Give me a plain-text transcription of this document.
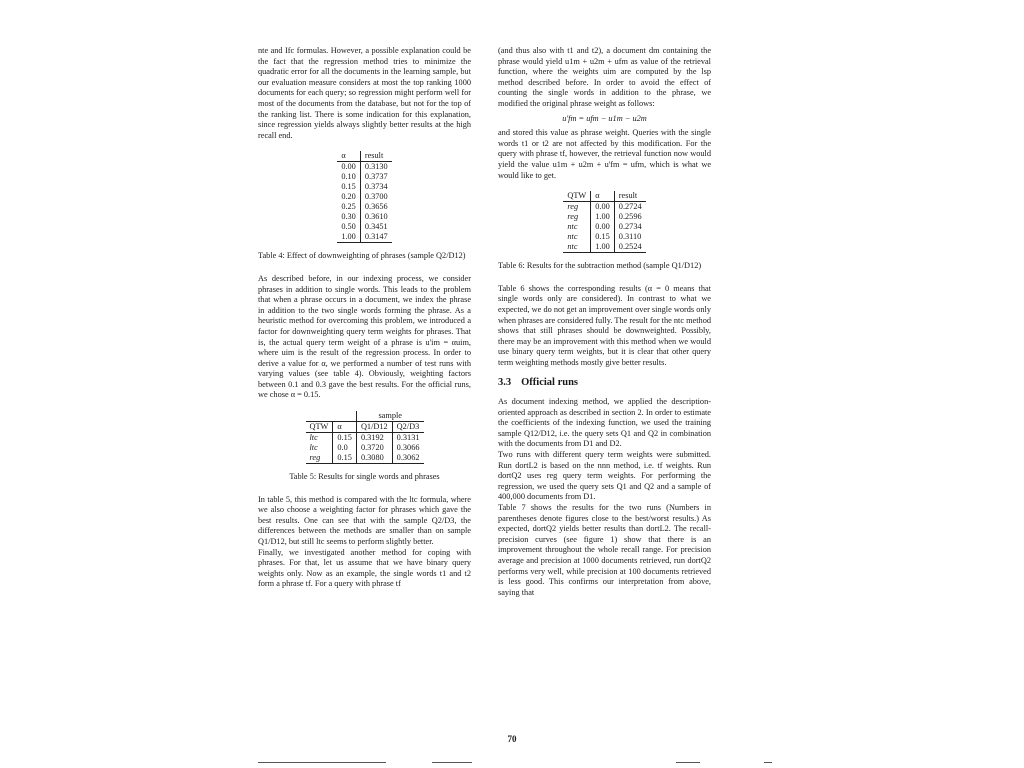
nte and Ifc formulas. However, a possible explanation could be the fact that the regression method tries to minimize the quadratic error for all the documents in the learning sample, but our evaluation measure considers at most the top ranking 1000 documents for each query; so regression might perform well for most of the documents from the database, but not for the top of the ranking list. There is some indication for this explanation, since regression yields always slightly better results at the high recall end.

α	result
0.00	0.3130
0.10	0.3737
0.15	0.3734
0.20	0.3700
0.25	0.3656
0.30	0.3610
0.50	0.3451
1.00	0.3147

Table 4: Effect of downweighting of phrases (sample Q2/D12)

As described before, in our indexing process, we consider phrases in addition to single words. This leads to the problem that when a phrase occurs in a document, we index the phrase in addition to the two single words forming the phrase. As a heuristic method for overcoming this problem, we introduced a factor for downweighting query term weights for phrases. That is, the actual query term weight of a phrase is u'im = αuim, where uim is the result of the regression process. In order to derive a value for α, we performed a number of test runs with varying values (see table 4). Obviously, weighting factors between 0.1 and 0.3 gave the best results. For the official runs, we chose α = 0.15.

		sample	
QTW	α	Q1/D12	Q2/D3
ltc	0.15	0.3192	0.3131
ltc	0.0	0.3720	0.3066
reg	0.15	0.3080	0.3062

Table 5: Results for single words and phrases

In table 5, this method is compared with the ltc formula, where we also choose a weighting factor for phrases which gave the best results. One can see that with the sample Q2/D3, the differences between the methods are smaller than on sample Q1/D12, but still ltc seems to perform slightly better.

Finally, we investigated another method for coping with phrases. For that, let us assume that we have binary query weights only. Now as an example, the single words t1 and t2 form a phrase tf. For a query with phrase tf

(and thus also with t1 and t2), a document dm containing the phrase would yield u1m + u2m + ufm as value of the retrieval function, where the weights uim are computed by the lsp method described before. In order to avoid the effect of counting the single words in addition to the phrase, we modified the original phrase weight as follows:

u'fm = ufm − u1m − u2m

and stored this value as phrase weight. Queries with the single words t1 or t2 are not affected by this modification. For the query with phrase tf, however, the retrieval function now would yield the value u1m + u2m + u'fm = ufm, which is what we would like to get.

QTW	α	result
reg	0.00	0.2724
reg	1.00	0.2596
ntc	0.00	0.2734
ntc	0.15	0.3110
ntc	1.00	0.2524

Table 6: Results for the subtraction method (sample Q1/D12)

Table 6 shows the corresponding results (α = 0 means that single words only are considered). In contrast to what we expected, we do not get an improvement over single words only when phrases are considered fully. The result for the ntc method shows that still phrases should be downweighted. Possibly, there may be an improvement with this method when we would use binary query term weights, but it is clear that other query term weighting methods mostly give better results.

3.3 Official runs

As document indexing method, we applied the description-oriented approach as described in section 2. In order to estimate the coefficients of the indexing function, we used the training sample Q12/D12, i.e. the query sets Q1 and Q2 in combination with the documents from D1 and D2.

Two runs with different query term weights were submitted. Run dortL2 is based on the nnn method, i.e. tf weights. Run dortQ2 uses reg query term weights. For performing the regression, we used the query sets Q1 and Q2 and a sample of 400,000 documents from D1.

Table 7 shows the results for the two runs (Numbers in parentheses denote figures close to the best/worst results.) As expected, dortQ2 yields better results than dortL2. The recall-precision curves (see figure 1) show that there is an improvement throughout the whole recall range. For precision average and precision at 1000 documents retrieved, run dortQ2 performs very well, while precision at 100 documents retrieved is less good. This confirms our interpretation from above, saying that

70
